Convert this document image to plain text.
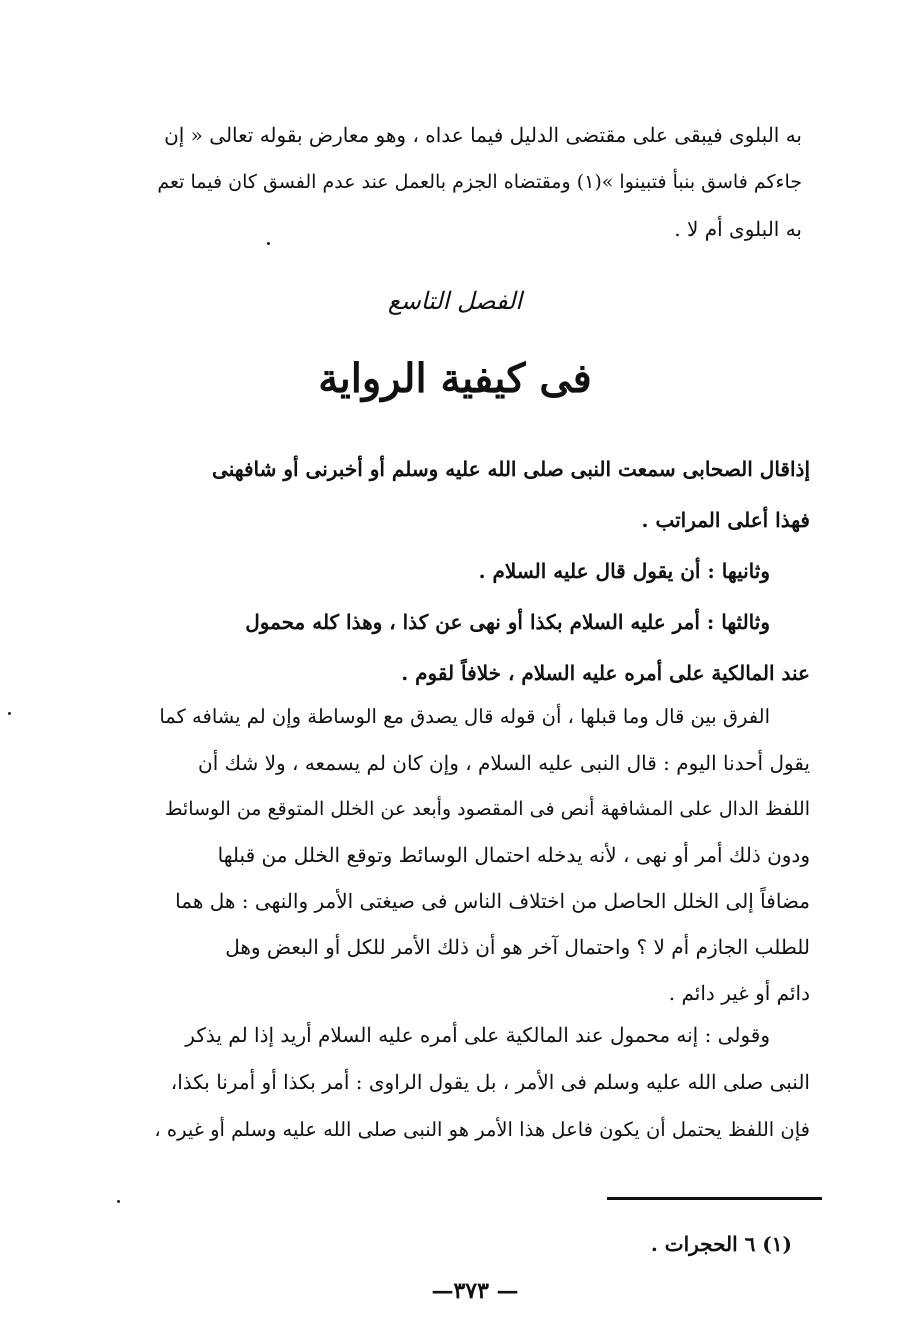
به البلوى فيبقى على مقتضى الدليل فيما عداه ، وهو معارض بقوله تعالى « إن
جاءكم فاسق بنبأ فتبينوا »(١) ومقتضاه الجزم بالعمل عند عدم الفسق كان فيما تعم
به البلوى أم لا .
الفصل التاسع
فى كيفية الرواية
إذاقال الصحابى سمعت النبى صلى الله عليه وسلم أو أخبرنى أو شافهنى
فهذا أعلى المراتب .
وثانيها : أن يقول قال عليه السلام .
وثالثها : أمر عليه السلام بكذا أو نهى عن كذا ، وهذا كله محمول
عند المالكية على أمره عليه السلام ، خلافاً لقوم .
الفرق بين قال وما قبلها ، أن قوله قال يصدق مع الوساطة وإن لم يشافه كما
يقول أحدنا اليوم : قال النبى عليه السلام ، وإن كان لم يسمعه ، ولا شك أن
اللفظ الدال على المشافهة أنص فى المقصود وأبعد عن الخلل المتوقع من الوسائط
ودون ذلك أمر أو نهى ، لأنه يدخله احتمال الوسائط وتوقع الخلل من قبلها
مضافاً إلى الخلل الحاصل من اختلاف الناس فى صيغتى الأمر والنهى : هل هما
للطلب الجازم أم لا ؟ واحتمال آخر هو أن ذلك الأمر للكل أو البعض وهل
دائم أو غير دائم .
وقولى : إنه محمول عند المالكية على أمره عليه السلام أريد إذا لم يذكر
النبى صلى الله عليه وسلم فى الأمر ، بل يقول الراوى : أمر بكذا أو أمرنا بكذا،
فإن اللفظ يحتمل أن يكون فاعل هذا الأمر هو النبى صلى الله عليه وسلم أو غيره ،
(١) ٦ الحجرات .
— ٣٧٣—
